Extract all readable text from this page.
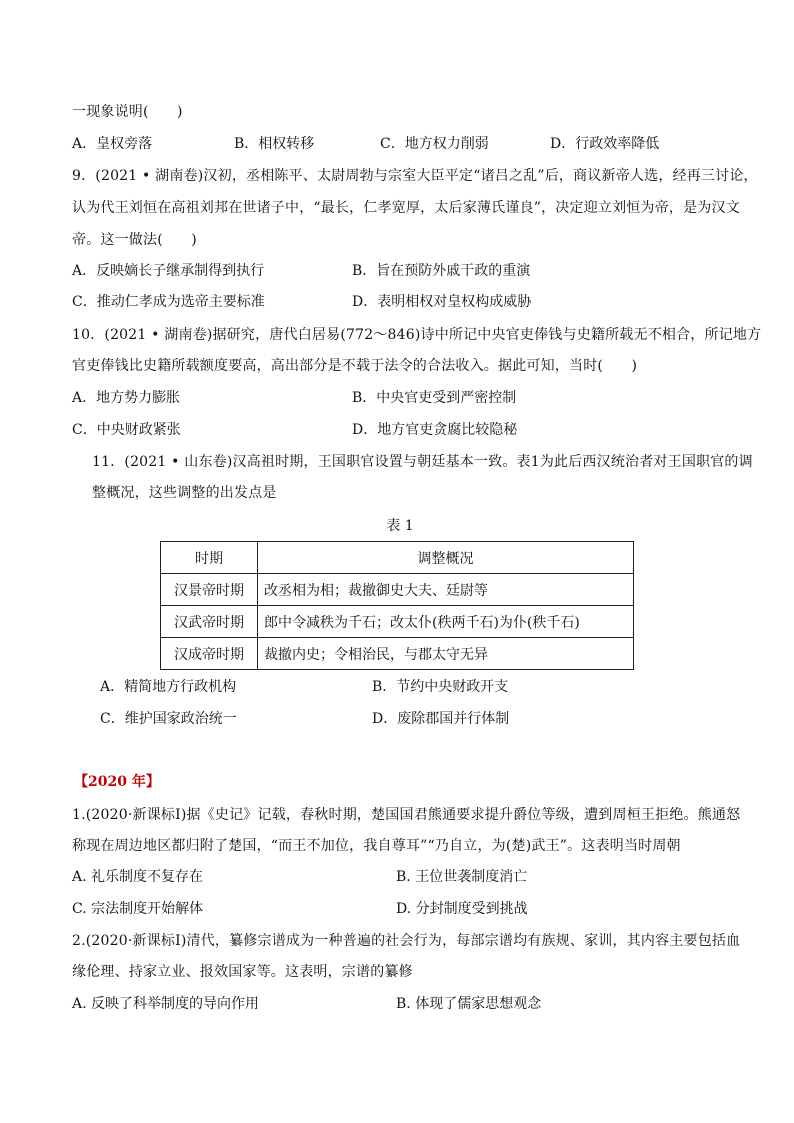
一现象说明(　　)
A．皇权旁落	B．相权转移	C．地方权力削弱	D．行政效率降低
9．(2021 • 湖南卷)汉初，丞相陈平、太尉周勃与宗室大臣平定“诸吕之乱”后，商议新帝人选，经再三讨论，
认为代王刘恒在高祖刘邦在世诸子中，“最长，仁孝宽厚，太后家薄氏谨良”，决定迎立刘恒为帝，是为汉文
帝。这一做法(　　)
A．反映嫡长子继承制得到执行	B．旨在预防外戚干政的重演
C．推动仁孝成为选帝主要标准	D．表明相权对皇权构成威胁
10．(2021 • 湖南卷)据研究，唐代白居易(772～846)诗中所记中央官吏俸钱与史籍所载无不相合，所记地方
官吏俸钱比史籍所载额度要高，高出部分是不载于法令的合法收入。据此可知，当时(　　)
A．地方势力膨胀	B．中央官吏受到严密控制
C．中央财政紧张	D．地方官吏贪腐比较隐秘
11．(2021 • 山东卷)汉高祖时期，王国职官设置与朝廷基本一致。表1为此后西汉统治者对王国职官的调
整概况，这些调整的出发点是
表 1
时期	调整概况
汉景帝时期	改丞相为相；裁撤御史大夫、廷尉等
汉武帝时期	郎中令减秩为千石；改太仆(秩两千石)为仆(秩千石)
汉成帝时期	裁撤内史；令相治民，与郡太守无异
A．精简地方行政机构	B．节约中央财政开支
C．维护国家政治统一	D．废除郡国并行体制
【2020 年】
1.(2020·新课标Ⅰ)据《史记》记载，春秋时期，楚国国君熊通要求提升爵位等级，遭到周桓王拒绝。熊通怒
称现在周边地区都归附了楚国，“而王不加位，我自尊耳”“乃自立，为(楚)武王”。这表明当时周朝
A. 礼乐制度不复存在	B. 王位世袭制度消亡
C. 宗法制度开始解体	D. 分封制度受到挑战
2.(2020·新课标Ⅰ)清代，纂修宗谱成为一种普遍的社会行为，每部宗谱均有族规、家训，其内容主要包括血
缘伦理、持家立业、报效国家等。这表明，宗谱的纂修
A. 反映了科举制度的导向作用	B. 体现了儒家思想观念
